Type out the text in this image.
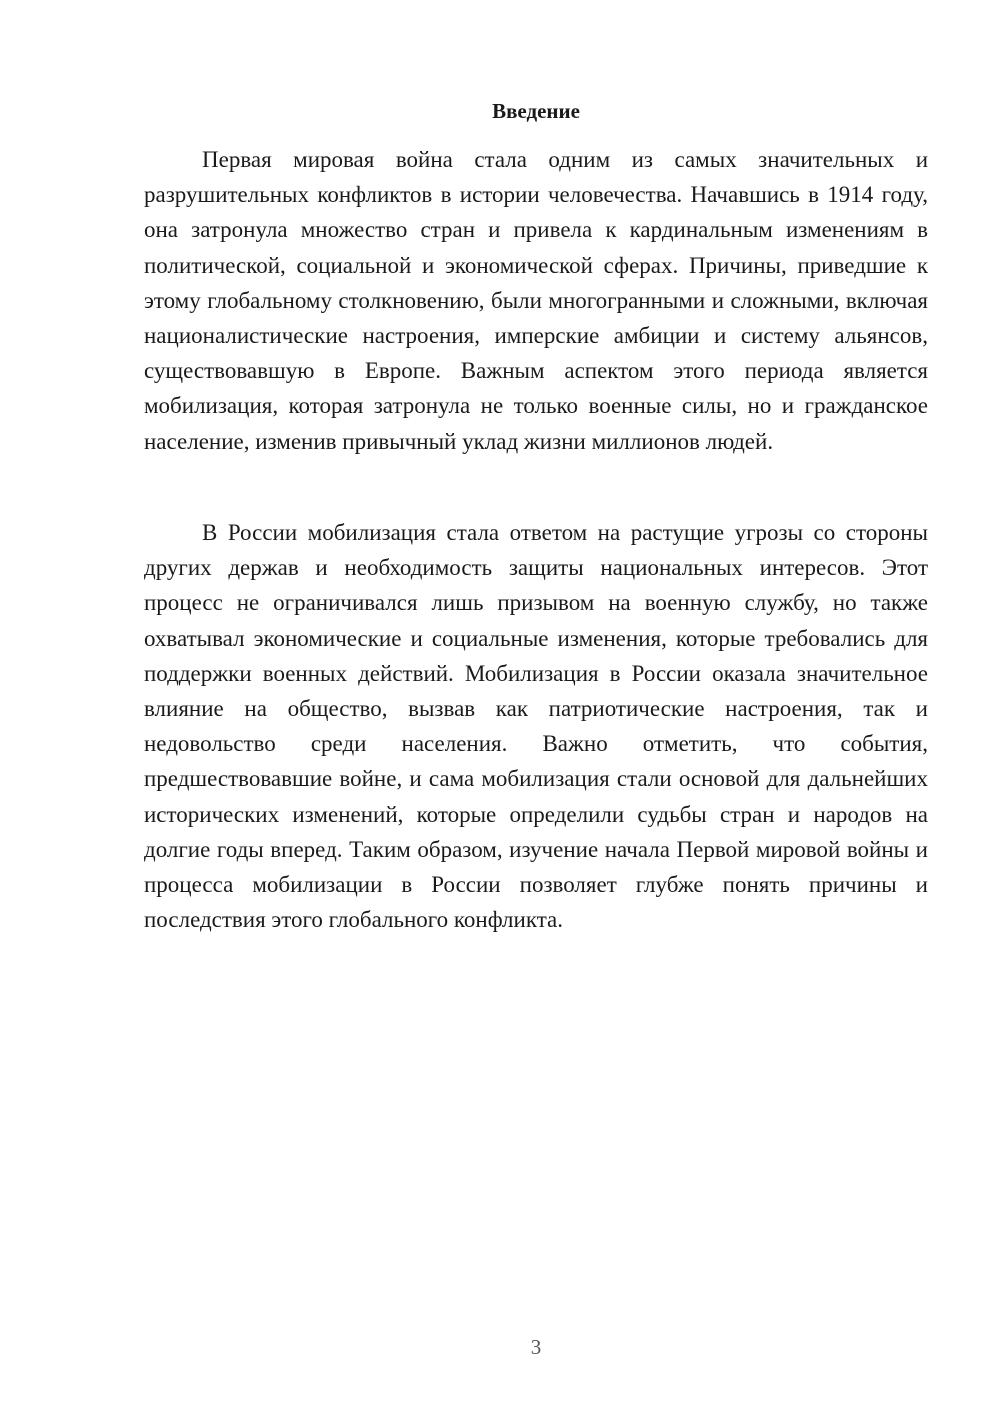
Введение

Первая мировая война стала одним из самых значительных и разрушительных конфликтов в истории человечества. Начавшись в 1914 году, она затронула множество стран и привела к кардинальным изменениям в политической, социальной и экономической сферах. Причины, приведшие к этому глобальному столкновению, были многогранными и сложными, включая националистические настроения, имперские амбиции и систему альянсов, существовавшую в Европе. Важным аспектом этого периода является мобилизация, которая затронула не только военные силы, но и гражданское население, изменив привычный уклад жизни миллионов людей.

В России мобилизация стала ответом на растущие угрозы со стороны других держав и необходимость защиты национальных интересов. Этот процесс не ограничивался лишь призывом на военную службу, но также охватывал экономические и социальные изменения, которые требовались для поддержки военных действий. Мобилизация в России оказала значительное влияние на общество, вызвав как патриотические настроения, так и недовольство среди населения. Важно отметить, что события, предшествовавшие войне, и сама мобилизация стали основой для дальнейших исторических изменений, которые определили судьбы стран и народов на долгие годы вперед. Таким образом, изучение начала Первой мировой войны и процесса мобилизации в России позволяет глубже понять причины и последствия этого глобального конфликта.

3
